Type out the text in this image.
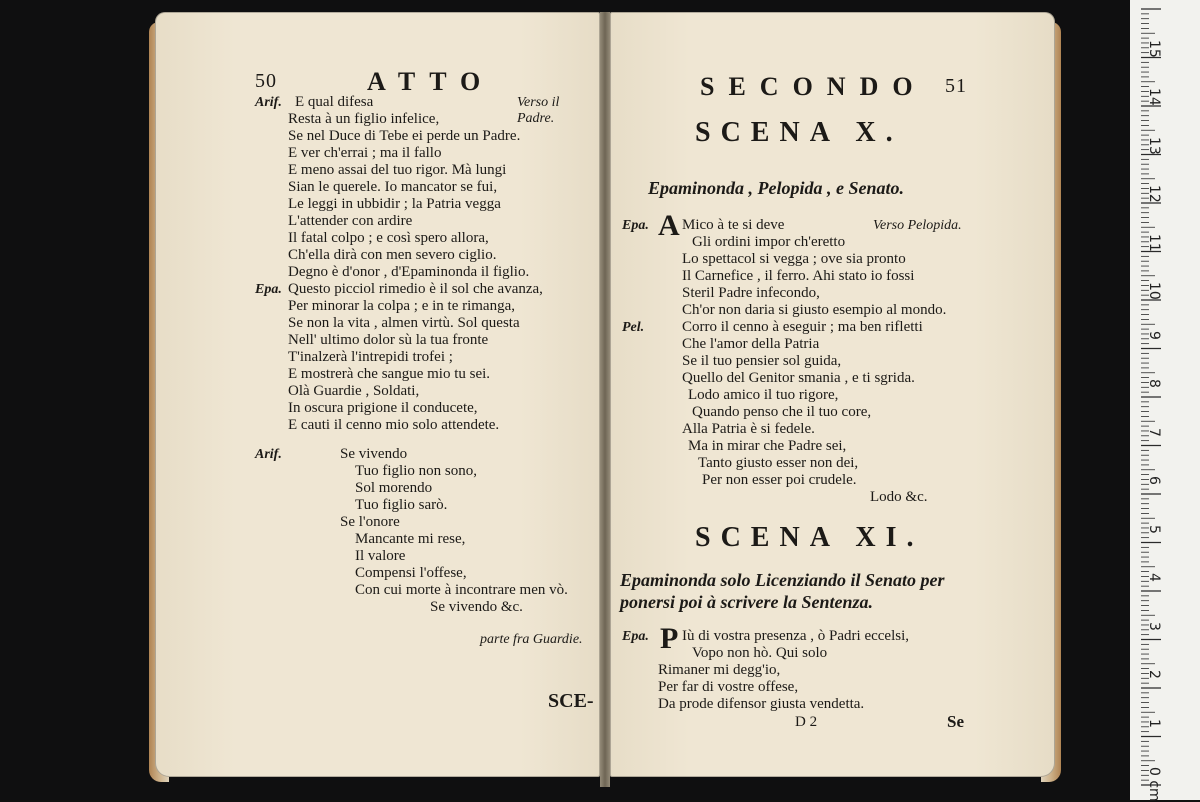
50	ATTO
Arif. E qual difesa	Verso il Padre.
Resta à un figlio infelice,
Se nel Duce di Tebe ei perde un Padre.
E ver ch'errai ; ma il fallo
E meno assai del tuo rigor. Mà lungi
Sian le querele. Io mancator se fui,
Le leggi in ubbidir ; la Patria vegga
L'attender con ardire
Il fatal colpo ; e così spero allora,
Ch'ella dirà con men severo ciglio.
Degno è d'onor , d'Epaminonda il figlio.
Epa. Questo picciol rimedio è il sol che avanza,
Per minorar la colpa ; e in te rimanga,
Se non la vita , almen virtù. Sol questa
Nell' ultimo dolor sù la tua fronte
T'inalzerà l'intrepidi trofei ;
E mostrerà che sangue mio tu sei.
Olà Guardie , Soldati,
In oscura prigione il conducete,
E cauti il cenno mio solo attendete.
Arif.	Se vivendo
Tuo figlio non sono,
Sol morendo
Tuo figlio sarò.
Se l'onore
Mancante mi rese,
Il valore
Compensi l'offese,
Con cui morte à incontrare men vò.
Se vivendo &c.
parte fra Guardie.
SCE-
SECONDO 51
SCENA X.
Epaminonda , Pelopida , e Senato.
Epa. A Mico à te si deve	Verso Pelopida.
Gli ordini impor ch'eretto
Lo spettacol si vegga ; ove sia pronto
Il Carnefice , il ferro. Ahi stato io fossi
Steril Padre infecondo,
Ch'or non daria si giusto esempio al mondo.
Pel.	Corro il cenno à eseguir ; ma ben rifletti
Che l'amor della Patria
Se il tuo pensier sol guida,
Quello del Genitor smania , e ti sgrida.
Lodo amico il tuo rigore,
Quando penso che il tuo core,
Alla Patria è si fedele.
Ma in mirar che Padre sei,
Tanto giusto esser non dei,
Per non esser poi crudele.
Lodo &c.
SCENA XI.
Epaminonda solo Licenziando il Senato per
ponersi poi à scrivere la Sentenza.
Epa. P Iù di vostra presenza , ò Padri eccelsi,
Vopo non hò. Qui solo
Rimaner mi degg'io,
Per far di vostre offese,
Da prode difensor giusta vendetta.
D 2	Se
0 cm
1
2
3
4
5
6
7
8
9
10
11
12
13
14
15
